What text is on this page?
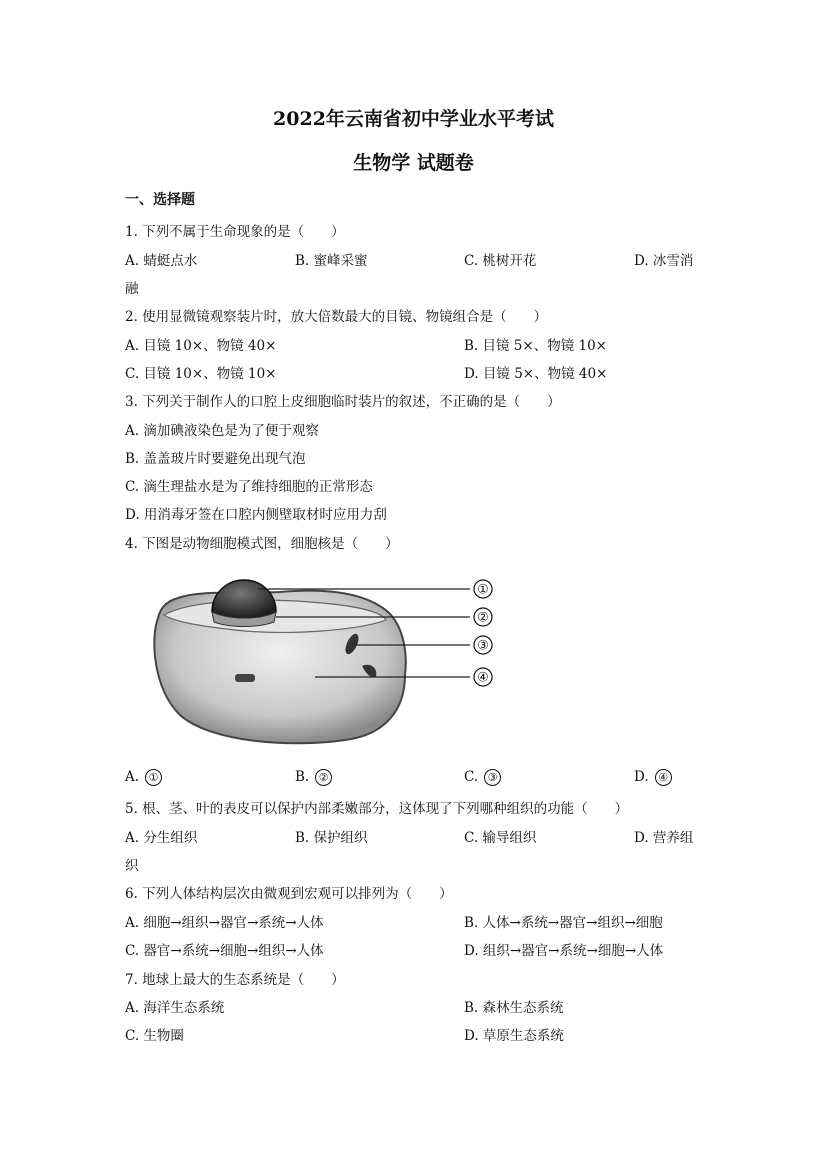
2022年云南省初中学业水平考试
生物学 试题卷
一、选择题
1. 下列不属于生命现象的是（　　）
A. 蜻蜓点水	B. 蜜峰采蜜	C. 桃树开花	D. 冰雪消
融
2. 使用显微镜观察装片时，放大倍数最大的目镜、物镜组合是（　　）
A. 目镜 10×、物镜 40×	B. 目镜 5×、物镜 10×
C. 目镜 10×、物镜 10×	D. 目镜 5×、物镜 40×
3. 下列关于制作人的口腔上皮细胞临时装片的叙述，不正确的是（　　）
A. 滴加碘液染色是为了便于观察
B. 盖盖玻片时要避免出现气泡
C. 滴生理盐水是为了维持细胞的正常形态
D. 用消毒牙签在口腔内侧壁取材时应用力刮
4. 下图是动物细胞模式图，细胞核是（　　）
①
②
③
④
A. ①	B. ②	C. ③	D. ④
5. 根、茎、叶的表皮可以保护内部柔嫩部分，这体现了下列哪种组织的功能（　　）
A. 分生组织	B. 保护组织	C. 输导组织	D. 营养组
织
6. 下列人体结构层次由微观到宏观可以排列为（　　）
A. 细胞→组织→器官→系统→人体	B. 人体→系统→器官→组织→细胞
C. 器官→系统→细胞→组织→人体	D. 组织→器官→系统→细胞→人体
7. 地球上最大的生态系统是（　　）
A. 海洋生态系统	B. 森林生态系统
C. 生物圈	D. 草原生态系统
